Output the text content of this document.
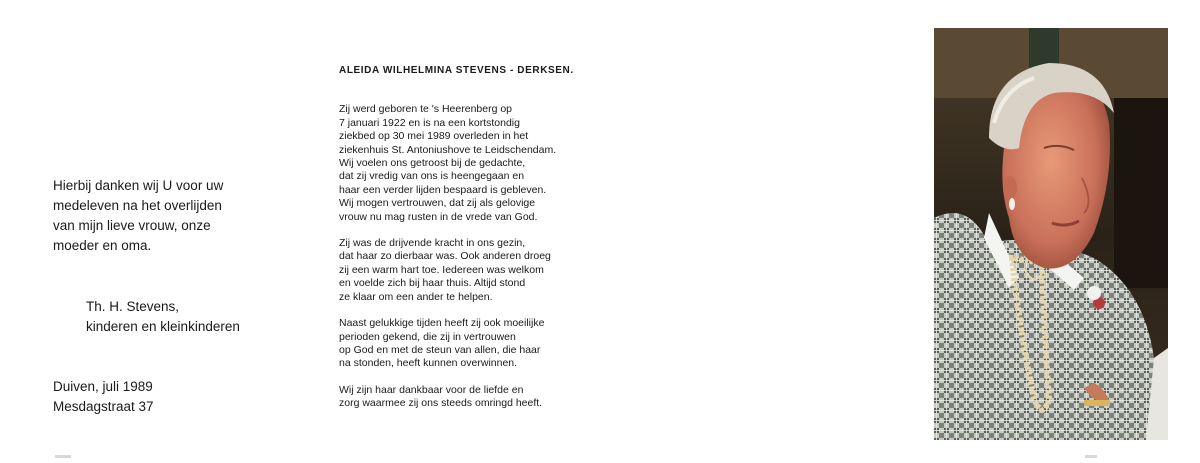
Hierbij danken wij U voor uw
medeleven na het overlijden
van mijn lieve vrouw, onze
moeder en oma.
Th. H. Stevens,
kinderen en kleinkinderen
Duiven, juli 1989
Mesdagstraat 37
ALEIDA WILHELMINA STEVENS - DERKSEN.
Zij werd geboren te 's Heerenberg op
7 januari 1922 en is na een kortstondig
ziekbed op 30 mei 1989 overleden in het
ziekenhuis St. Antoniushove te Leidschendam.
Wij voelen ons getroost bij de gedachte,
dat zij vredig van ons is heengegaan en
haar een verder lijden bespaard is gebleven.
Wij mogen vertrouwen, dat zij als gelovige
vrouw nu mag rusten in de vrede van God.
Zij was de drijvende kracht in ons gezin,
dat haar zo dierbaar was. Ook anderen droeg
zij een warm hart toe. Iedereen was welkom
en voelde zich bij haar thuis. Altijd stond
ze klaar om een ander te helpen.
Naast gelukkige tijden heeft zij ook moeilijke
perioden gekend, die zij in vertrouwen
op God en met de steun van allen, die haar
na stonden, heeft kunnen overwinnen.
Wij zijn haar dankbaar voor de liefde en
zorg waarmee zij ons steeds omringd heeft.
